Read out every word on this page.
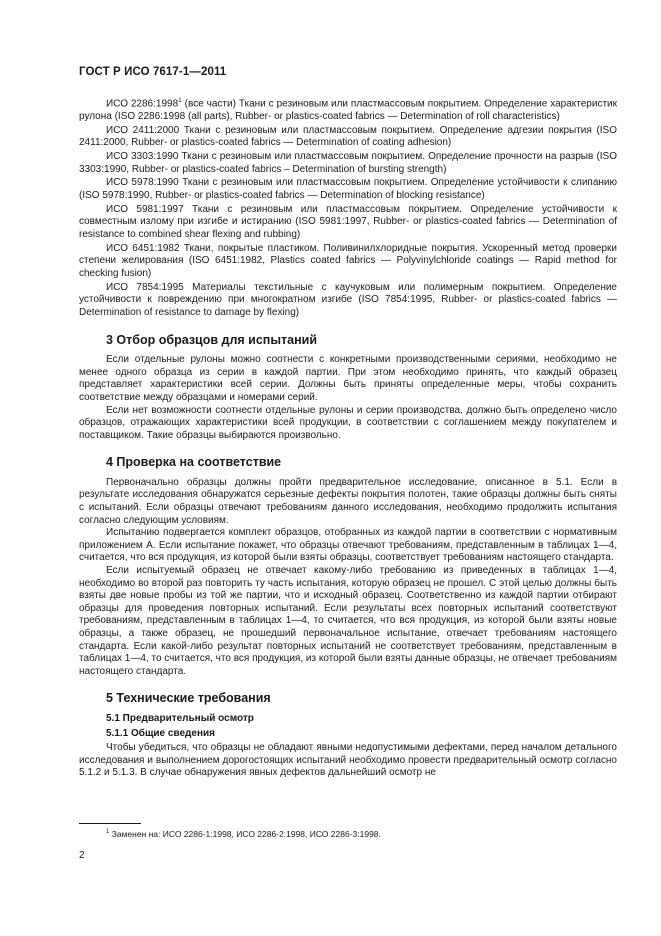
ГОСТ Р ИСО 7617-1—2011

ИСО 2286:1998$^1$ (все части) Ткани с резиновым или пластмассовым покрытием. Определение характеристик рулона (ISO 2286:1998 (all parts), Rubber- or plastics-coated fabrics — Determination of roll characteristics)

ИСО 2411:2000 Ткани с резиновым или пластмассовым покрытием. Определение адгезии покрытия (ISO 2411:2000, Rubber- or plastics-coated fabrics — Determination of coating adhesion)

ИСО 3303:1990 Ткани с резиновым или пластмассовым покрытием. Определение прочности на разрыв (ISO 3303:1990, Rubber- or plastics-coated fabrics – Determination of bursting strength)

ИСО 5978:1990 Ткани с резиновым или пластмассовым покрытием. Определение устойчивости к слипанию (ISO 5978:1990, Rubber- or plastics-coated fabrics — Determination of blocking resistance)

ИСО 5981:1997 Ткани с резиновым или пластмассовым покрытием. Определение устойчивости к совместным излому при изгибе и истиранию (ISO 5981:1997, Rubber- or plastics-coated fabrics — Determination of resistance to combined shear flexing and rubbing)

ИСО 6451:1982 Ткани, покрытые пластиком. Поливинилхлоридные покрытия. Ускоренный метод проверки степени желирования (ISO 6451:1982, Plastics coated fabrics — Polyvinylchloride coatings — Rapid method for checking fusion)

ИСО 7854:1995 Материалы текстильные с каучуковым или полимерным покрытием. Определение устойчивости к повреждению при многократном изгибе (ISO 7854:1995, Rubber- or plastics-coated fabrics — Determination of resistance to damage by flexing)

3 Отбор образцов для испытаний

Если отдельные рулоны можно соотнести с конкретными производственными сериями, необходимо не менее одного образца из серии в каждой партии. При этом необходимо принять, что каждый образец представляет характеристики всей серии. Должны быть приняты определенные меры, чтобы сохранить соответствие между образцами и номерами серий.

Если нет возможности соотнести отдельные рулоны и серии производства, должно быть определено число образцов, отражающих характеристики всей продукции, в соответствии с соглашением между покупателем и поставщиком. Такие образцы выбираются произвольно.

4 Проверка на соответствие

Первоначально образцы должны пройти предварительное исследование, описанное в 5.1. Если в результате исследования обнаружатся серьезные дефекты покрытия полотен, такие образцы должны быть сняты с испытаний. Если образцы отвечают требованиям данного исследования, необходимо продолжить испытания согласно следующим условиям.

Испытанию подвергается комплект образцов, отобранных из каждой партии в соответствии с нормативным приложением А. Если испытание покажет, что образцы отвечают требованиям, представленным в таблицах 1—4, считается, что вся продукция, из которой были взяты образцы, соответствует требованиям настоящего стандарта.

Если испытуемый образец не отвечает какому-либо требованию из приведенных в таблицах 1—4, необходимо во второй раз повторить ту часть испытания, которую образец не прошел. С этой целью должны быть взяты две новые пробы из той же партии, что и исходный образец. Соответственно из каждой партии отбирают образцы для проведения повторных испытаний. Если результаты всех повторных испытаний соответствуют требованиям, представленным в таблицах 1—4, то считается, что вся продукция, из которой были взяты новые образцы, а также образец, не прошедший первоначальное испытание, отвечает требованиям настоящего стандарта. Если какой-либо результат повторных испытаний не соответствует требованиям, представленным в таблицах 1—4, то считается, что вся продукция, из которой были взяты данные образцы, не отвечает требованиям настоящего стандарта.

5 Технические требования
5.1 Предварительный осмотр
5.1.1 Общие сведения

Чтобы убедиться, что образцы не обладают явными недопустимыми дефектами, перед началом детального исследования и выполнением дорогостоящих испытаний необходимо провести предварительный осмотр согласно 5.1.2 и 5.1.3. В случае обнаружения явных дефектов дальнейший осмотр не

$^1$ Заменен на: ИСО 2286-1:1998, ИСО 2286-2:1998, ИСО 2286-3:1998.
2
